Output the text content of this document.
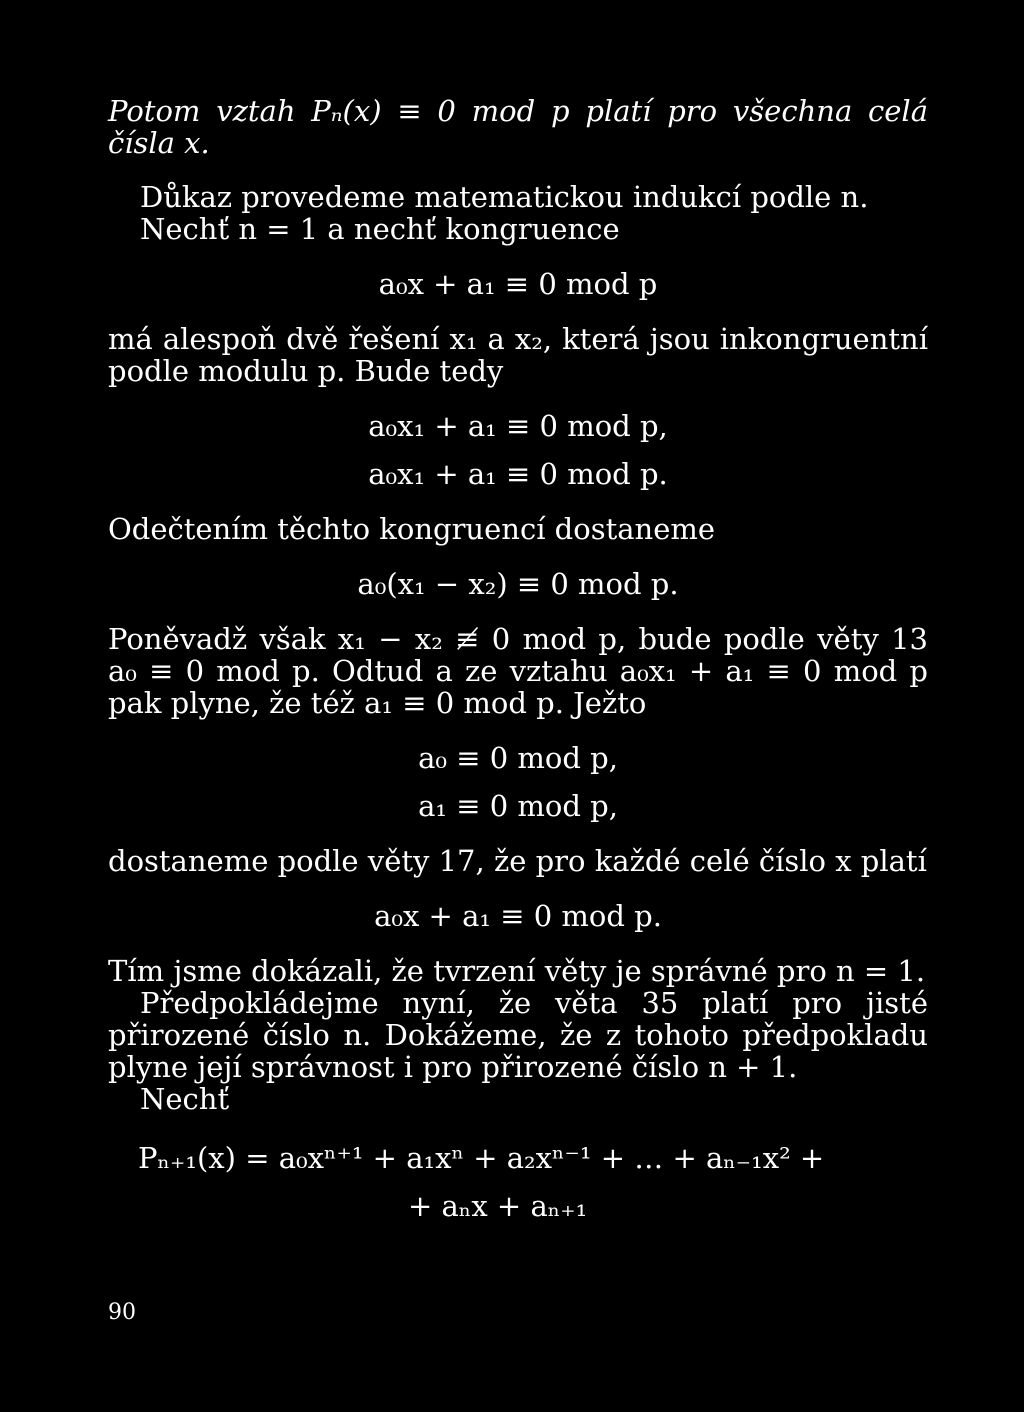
Potom vztah Pₙ(x) ≡ 0 mod p platí pro všechna celá čísla x.

Důkaz provedeme matematickou indukcí podle n.

Nechť n = 1 a nechť kongruence

a₀x + a₁ ≡ 0 mod p

má alespoň dvě řešení x₁ a x₂, která jsou inkongruentní podle modulu p. Bude tedy

a₀x₁ + a₁ ≡ 0 mod p,
a₀x₁ + a₁ ≡ 0 mod p.

Odečtením těchto kongruencí dostaneme

a₀(x₁ − x₂) ≡ 0 mod p.

Poněvadž však x₁ − x₂ ≢ 0 mod p, bude podle věty 13 a₀ ≡ 0 mod p. Odtud a ze vztahu a₀x₁ + a₁ ≡ 0 mod p pak plyne, že též a₁ ≡ 0 mod p. Ježto

a₀ ≡ 0 mod p,
a₁ ≡ 0 mod p,

dostaneme podle věty 17, že pro každé celé číslo x platí

a₀x + a₁ ≡ 0 mod p.

Tím jsme dokázali, že tvrzení věty je správné pro n = 1.

Předpokládejme nyní, že věta 35 platí pro jisté přirozené číslo n. Dokážeme, že z tohoto předpokladu plyne její správnost i pro přirozené číslo n + 1.

Nechť

Pₙ₊₁(x) = a₀xⁿ⁺¹ + a₁xⁿ + a₂xⁿ⁻¹ + … + aₙ₋₁x² +
+ aₙx + aₙ₊₁
90
